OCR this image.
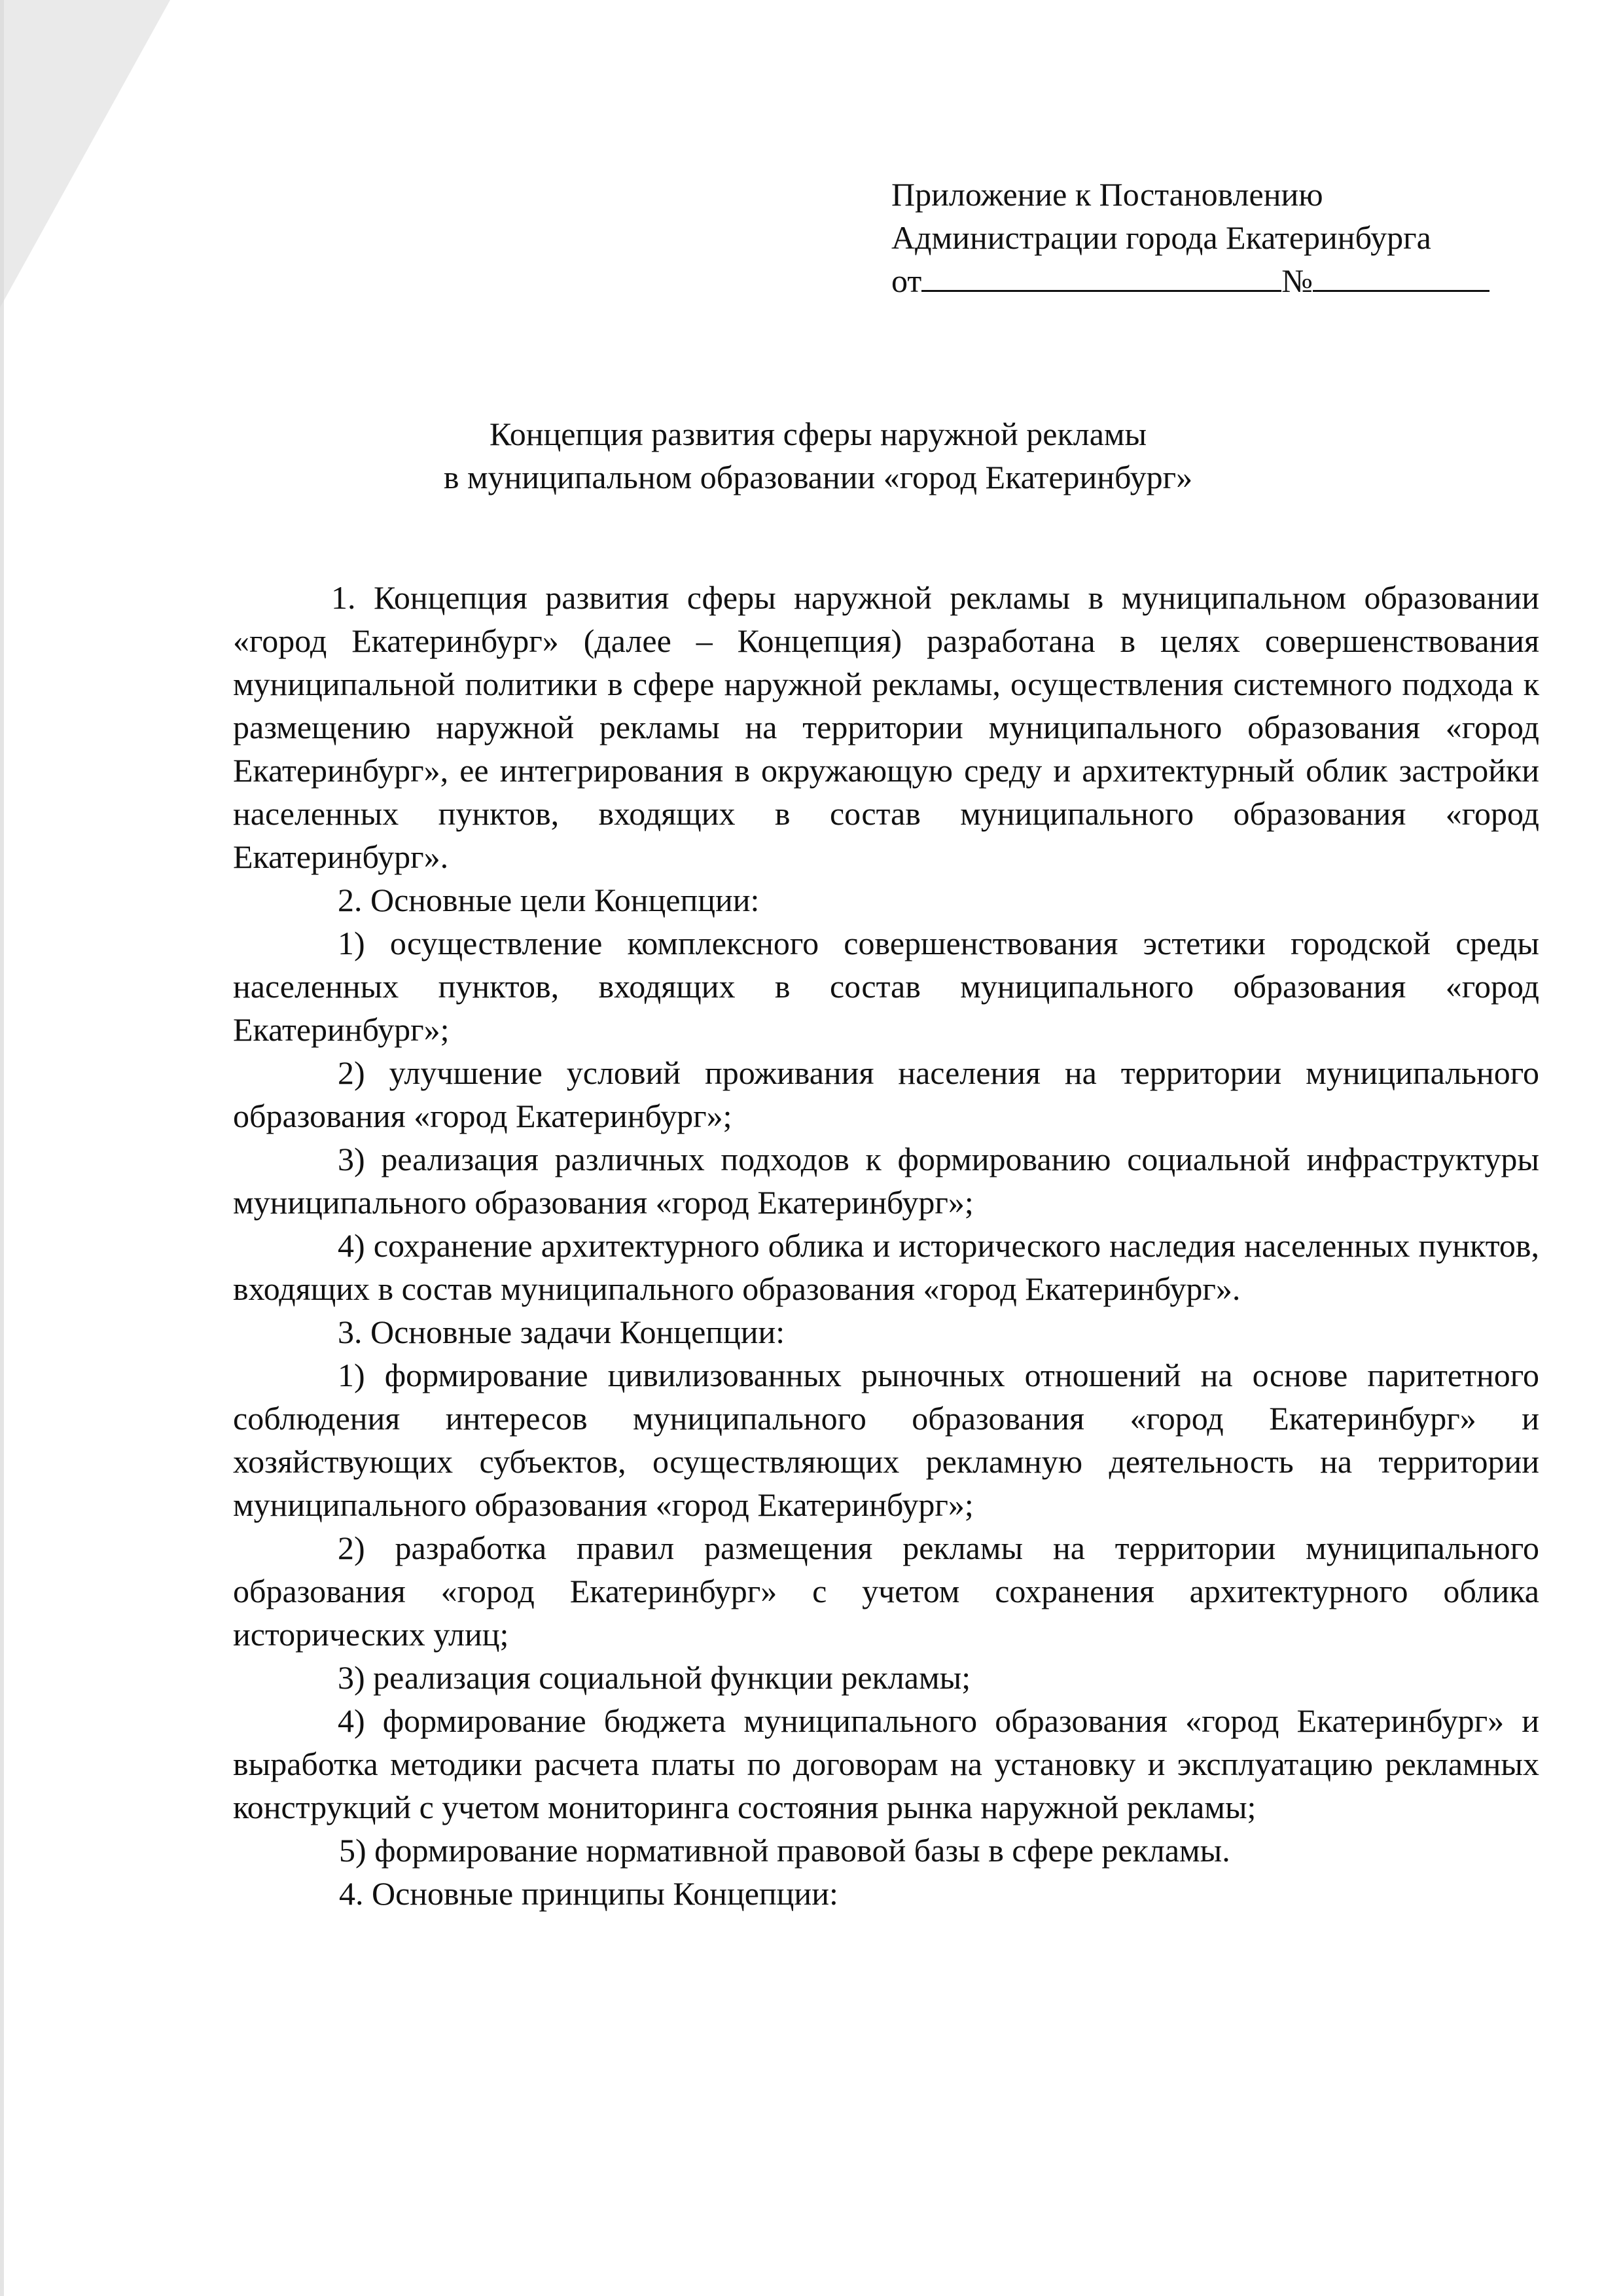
Приложение к Постановлению
Администрации города Екатеринбурга
от	№
Концепция развития сферы наружной рекламы
в муниципальном образовании «город Екатеринбург»

1. Концепция развития сферы наружной рекламы в муниципальном образовании «город Екатеринбург» (далее – Концепция) разработана в целях совершенствования муниципальной политики в сфере наружной рекламы, осуществления системного подхода к размещению наружной рекламы на территории муниципального образования «город Екатеринбург», ее интегрирования в окружающую среду и архитектурный облик застройки населенных пунктов, входящих в состав муниципального образования «город Екатеринбург».

2. Основные цели Концепции:

1) осуществление комплексного совершенствования эстетики городской среды населенных пунктов, входящих в состав муниципального образования «город Екатеринбург»;

2) улучшение условий проживания населения на территории муниципального образования «город Екатеринбург»;

3) реализация различных подходов к формированию социальной инфраструктуры муниципального образования «город Екатеринбург»;

4) сохранение архитектурного облика и исторического наследия населенных пунктов, входящих в состав муниципального образования «город Екатеринбург».

3. Основные задачи Концепции:

1) формирование цивилизованных рыночных отношений на основе паритетного соблюдения интересов муниципального образования «город Екатеринбург» и хозяйствующих субъектов, осуществляющих рекламную деятельность на территории муниципального образования «город Екатеринбург»;

2) разработка правил размещения рекламы на территории муниципального образования «город Екатеринбург» с учетом сохранения архитектурного облика исторических улиц;

3) реализация социальной функции рекламы;

4) формирование бюджета муниципального образования «город Екатеринбург» и выработка методики расчета платы по договорам на установку и эксплуатацию рекламных конструкций с учетом мониторинга состояния рынка наружной рекламы;

5) формирование нормативной правовой базы в сфере рекламы.

4. Основные принципы Концепции:
